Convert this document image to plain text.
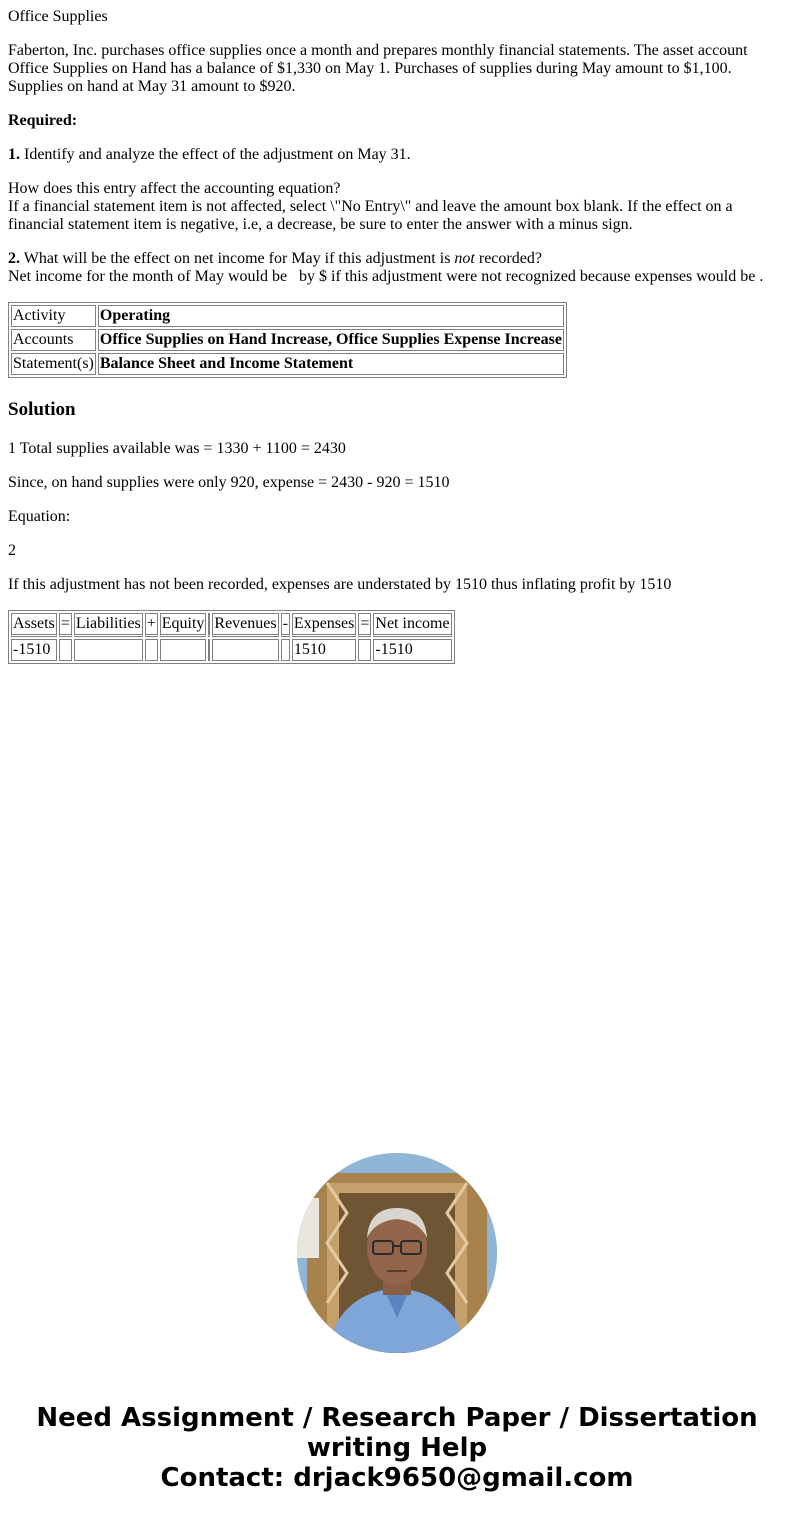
Office Supplies

Faberton, Inc. purchases office supplies once a month and prepares monthly financial statements. The asset account Office Supplies on Hand has a balance of $1,330 on May 1. Purchases of supplies during May amount to $1,100. Supplies on hand at May 31 amount to $920.

Required:

1. Identify and analyze the effect of the adjustment on May 31.

How does this entry affect the accounting equation?
If a financial statement item is not affected, select \"No Entry\" and leave the amount box blank. If the effect on a financial statement item is negative, i.e, a decrease, be sure to enter the answer with a minus sign.

2. What will be the effect on net income for May if this adjustment is not recorded?
Net income for the month of May would be   by $ if this adjustment were not recognized because expenses would be .

Activity	Operating
Accounts	Office Supplies on Hand Increase, Office Supplies Expense Increase
Statement(s)	Balance Sheet and Income Statement
Solution

1 Total supplies available was = 1330 + 1100 = 2430

Since, on hand supplies were only 920, expense = 2430 - 920 = 1510

Equation:

2

If this adjustment has not been recorded, expenses are understated by 1510 thus inflating profit by 1510

Assets	=	Liabilities	+	Equity		Revenues	-	Expenses	=	Net income
-1510								1510		-1510
Need Assignment / Research Paper / Dissertation
writing Help
Contact: drjack9650@gmail.com
